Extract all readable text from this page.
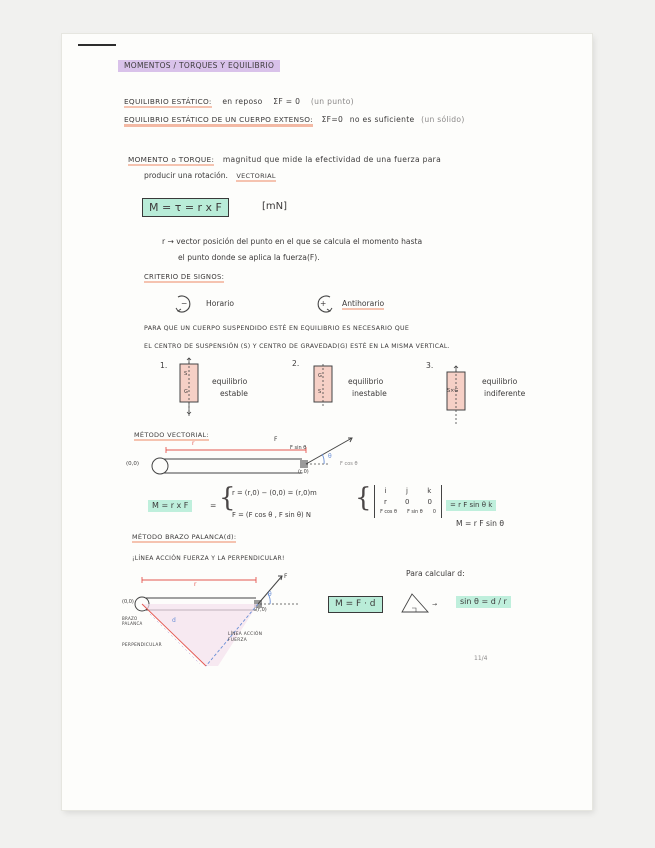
MOMENTOS / TORQUES Y EQUILIBRIO
EQUILIBRIO ESTÁTICO: en reposo ΣF = 0 (un punto)
EQUILIBRIO ESTÁTICO DE UN CUERPO EXTENSO: ΣF=0 no es suficiente (un sólido)
MOMENTO o TORQUE: magnitud que mide la efectividad de una fuerza para
producir una rotación. VECTORIAL
M = τ = r x F	[mN]
r → vector posición del punto en el que se calcula el momento hasta
el punto donde se aplica la fuerza(F).
CRITERIO DE SIGNOS:
− Horario	+ Antihorario
PARA QUE UN CUERPO SUSPENDIDO ESTÉ EN EQUILIBRIO ES NECESARIO QUE
EL CENTRO DE SUSPENSIÓN (S) Y CENTRO DE GRAVEDAD(G) ESTÉ EN LA MISMA VERTICAL.
1.
S
G
equilibrio
estable
2.
G
S
equilibrio
inestable
3.
S×G
equilibrio
indiferente
MÉTODO VECTORIAL:
F
r
(0,0)
(r,0)
F sin θ
F cos θ
θ
M = r x F	= {
r = (r,0) − (0,0) = (r,0)m
F = (F cos θ , F sin θ) N
{ i	j	k
r	0	0
F cos θ F sin θ 0
= r F sin θ k
M = r F sin θ
MÉTODO BRAZO PALANCA(d):
¡LÍNEA ACCIÓN FUERZA Y LA PERPENDICULAR!
r
F
θ
(0,0)
(r,0)
d
BRAZO PALANCA
PERPENDICULAR
LÍNEA ACCIÓN FUERZA
Para calcular d:
M = F · d	→	sin θ = d / r
11/4
